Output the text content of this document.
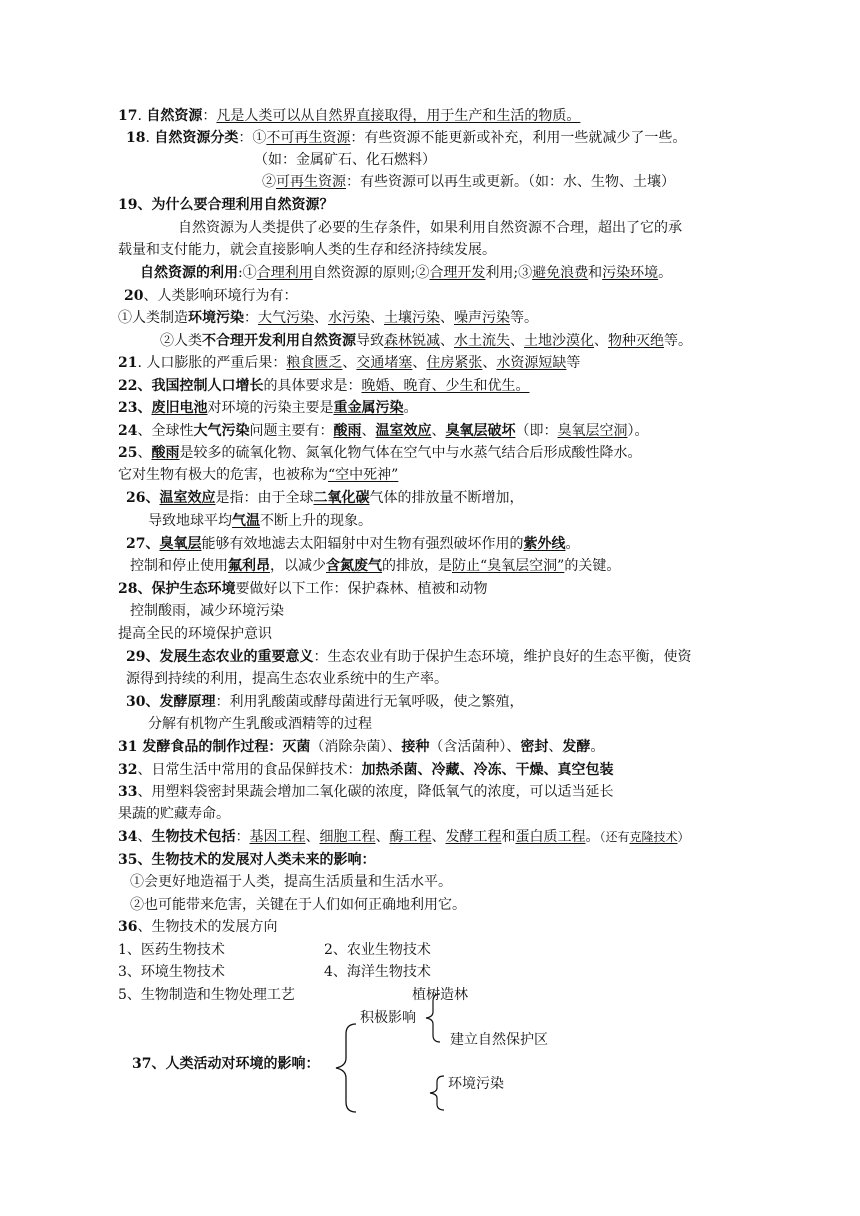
17. 自然资源：凡是人类可以从自然界直接取得，用于生产和生活的物质。
18. 自然资源分类：①不可再生资源：有些资源不能更新或补充，利用一些就减少了一些。
（如：金属矿石、化石燃料）
②可再生资源：有些资源可以再生或更新。（如：水、生物、土壤）
19、为什么要合理利用自然资源？
自然资源为人类提供了必要的生存条件，如果利用自然资源不合理，超出了它的承
载量和支付能力，就会直接影响人类的生存和经济持续发展。
自然资源的利用:①合理利用自然资源的原则;②合理开发利用;③避免浪费和污染环境。
20、人类影响环境行为有：
①人类制造环境污染：大气污染、水污染、土壤污染、噪声污染等。
②人类不合理开发利用自然资源导致森林锐减、水土流失、土地沙漠化、物种灭绝等。
21. 人口膨胀的严重后果：粮食匮乏、交通堵塞、住房紧张、水资源短缺等
22、我国控制人口增长的具体要求是：晚婚、晚育、少生和优生。
23、废旧电池对环境的污染主要是重金属污染。
24、全球性大气污染问题主要有：酸雨、温室效应、臭氧层破坏（即：臭氧层空洞）。
25、酸雨是较多的硫氧化物、氮氧化物气体在空气中与水蒸气结合后形成酸性降水。
它对生物有极大的危害，也被称为“空中死神”
26、温室效应是指：由于全球二氧化碳气体的排放量不断增加，
导致地球平均气温不断上升的现象。
27、臭氧层能够有效地滤去太阳辐射中对生物有强烈破坏作用的紫外线。
控制和停止使用氟利昂，以减少含氮废气的排放，是防止“臭氧层空洞”的关键。
28、保护生态环境要做好以下工作：保护森林、植被和动物
控制酸雨，减少环境污染
提高全民的环境保护意识
29、发展生态农业的重要意义：生态农业有助于保护生态环境，维护良好的生态平衡，使资
源得到持续的利用，提高生态农业系统中的生产率。
30、发酵原理：利用乳酸菌或酵母菌进行无氧呼吸，使之繁殖，
分解有机物产生乳酸或酒精等的过程
31 发酵食品的制作过程：灭菌（消除杂菌）、接种（含活菌种）、密封、发酵。
32、日常生活中常用的食品保鲜技术：加热杀菌、冷藏、冷冻、干燥、真空包装
33、用塑料袋密封果蔬会增加二氧化碳的浓度，降低氧气的浓度，可以适当延长
果蔬的贮藏寿命。
34、生物技术包括：基因工程、细胞工程、酶工程、发酵工程和蛋白质工程。（还有克隆技术）
35、生物技术的发展对人类未来的影响：
①会更好地造福于人类，提高生活质量和生活水平。
②也可能带来危害，关键在于人们如何正确地利用它。
36、生物技术的发展方向
1、医药生物技术	2、农业生物技术
3、环境生物技术	4、海洋生物技术
5、生物制造和生物处理工艺	植树造林
积极影响
建立自然保护区
37、人类活动对环境的影响：
环境污染
